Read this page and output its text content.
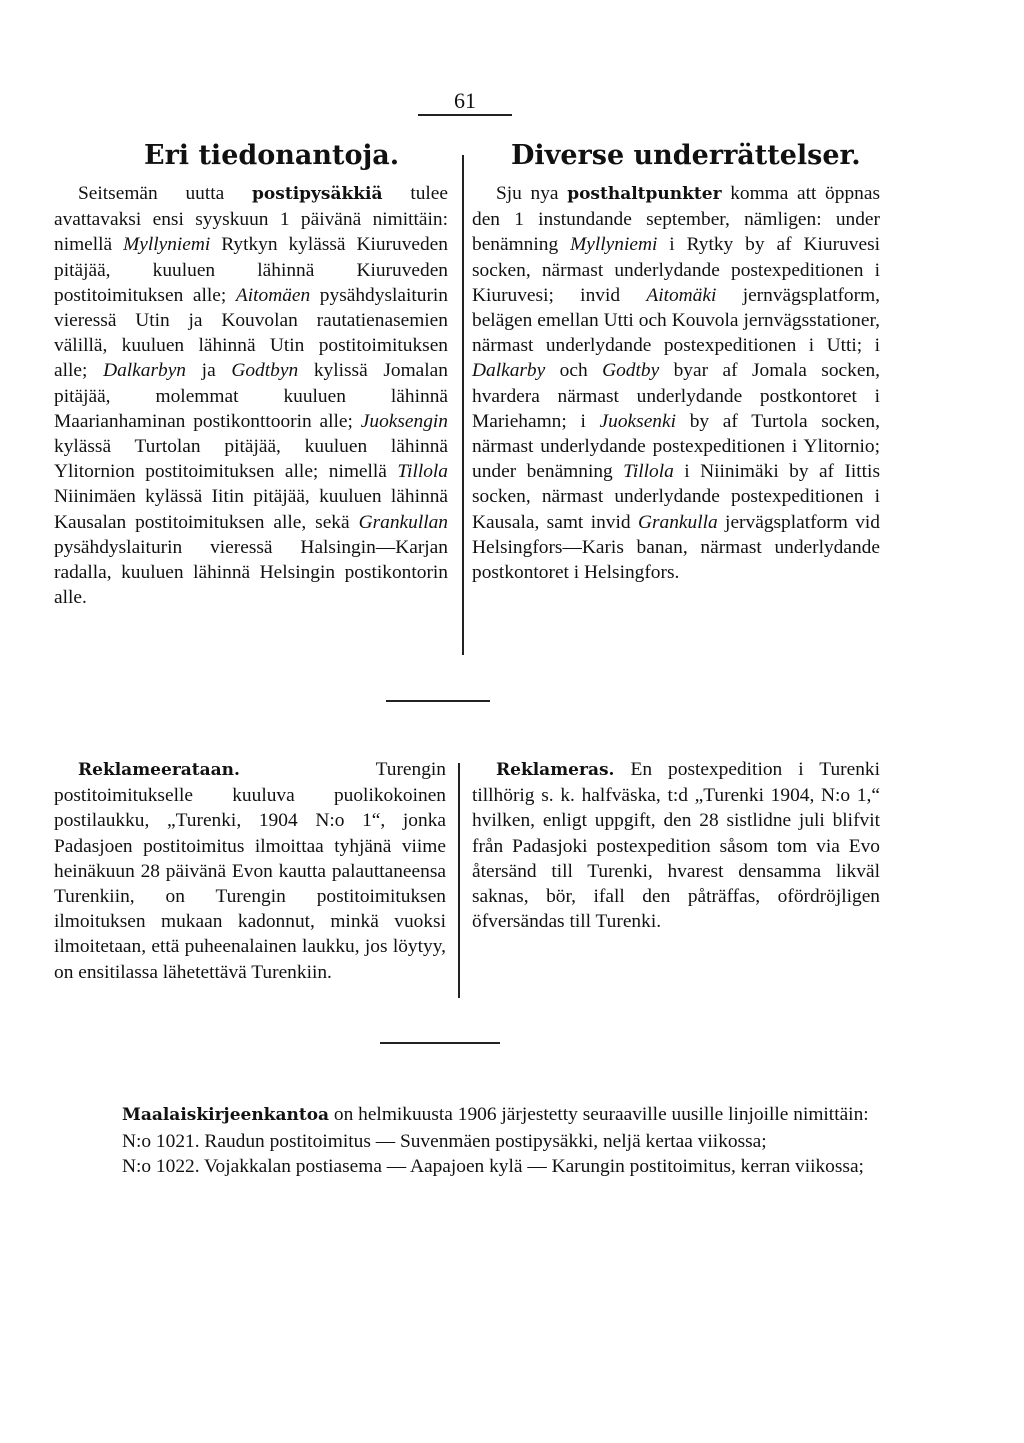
61
Eri tiedonantoja.

Seitsemän uutta postipysäkkiä tulee avattavaksi ensi syyskuun 1 päivänä nimittäin: nimellä Myllyniemi Rytkyn kylässä Kiuruveden pitäjää, kuuluen lähinnä Kiuruveden postitoimituksen alle; Aitomäen pysähdyslaiturin vieressä Utin ja Kouvolan rautatienasemien välillä, kuuluen lähinnä Utin postitoimituksen alle; Dalkarbyn ja Godtbyn kylissä Jomalan pitäjää, molemmat kuuluen lähinnä Maarianhaminan postikonttoorin alle; Juoksengin kylässä Turtolan pitäjää, kuuluen lähinnä Ylitornion postitoimituksen alle; nimellä Tillola Niinimäen kylässä Iitin pitäjää, kuuluen lähinnä Kausalan postitoimituksen alle, sekä Grankullan pysähdyslaiturin vieressä Halsingin—Karjan radalla, kuuluen lähinnä Helsingin postikontorin alle.

Diverse underrättelser.

Sju nya posthaltpunkter komma att öppnas den 1 instundande september, nämligen: under benämning Myllyniemi i Rytky by af Kiuruvesi socken, närmast underlydande postexpeditionen i Kiuruvesi; invid Aitomäki jernvägsplatform, belägen emellan Utti och Kouvola jernvägsstationer, närmast underlydande postexpeditionen i Utti; i Dalkarby och Godtby byar af Jomala socken, hvardera närmast underlydande postkontoret i Mariehamn; i Juoksenki by af Turtola socken, närmast underlydande postexpeditionen i Ylitornio; under benämning Tillola i Niinimäki by af Iittis socken, närmast underlydande postexpeditionen i Kausala, samt invid Grankulla jervägsplatform vid Helsingfors—Karis banan, närmast underlydande postkontoret i Helsingfors.

Reklameerataan. Turengin postitoimitukselle kuuluva puolikokoinen postilaukku, „Turenki, 1904 N:o 1“, jonka Padasjoen postitoimitus ilmoittaa tyhjänä viime heinäkuun 28 päivänä Evon kautta palauttaneensa Turenkiin, on Turengin postitoimituksen ilmoituksen mukaan kadonnut, minkä vuoksi ilmoitetaan, että puheenalainen laukku, jos löytyy, on ensitilassa lähetettävä Turenkiin.

Reklameras. En postexpedition i Turenki tillhörig s. k. halfväska, t:d „Turenki 1904, N:o 1,“ hvilken, enligt uppgift, den 28 sistlidne juli blifvit från Padasjoki postexpedition såsom tom via Evo återsänd till Turenki, hvarest densamma likväl saknas, bör, ifall den påträffas, ofördröjligen öfversändas till Turenki.

Maalaiskirjeenkantoa on helmikuusta 1906 järjestetty seuraaville uusille linjoille nimittäin:

N:o 1021. Raudun postitoimitus — Suvenmäen postipysäkki, neljä kertaa viikossa;

N:o 1022. Vojakkalan postiasema — Aapajoen kylä — Karungin postitoimitus, kerran viikossa;
